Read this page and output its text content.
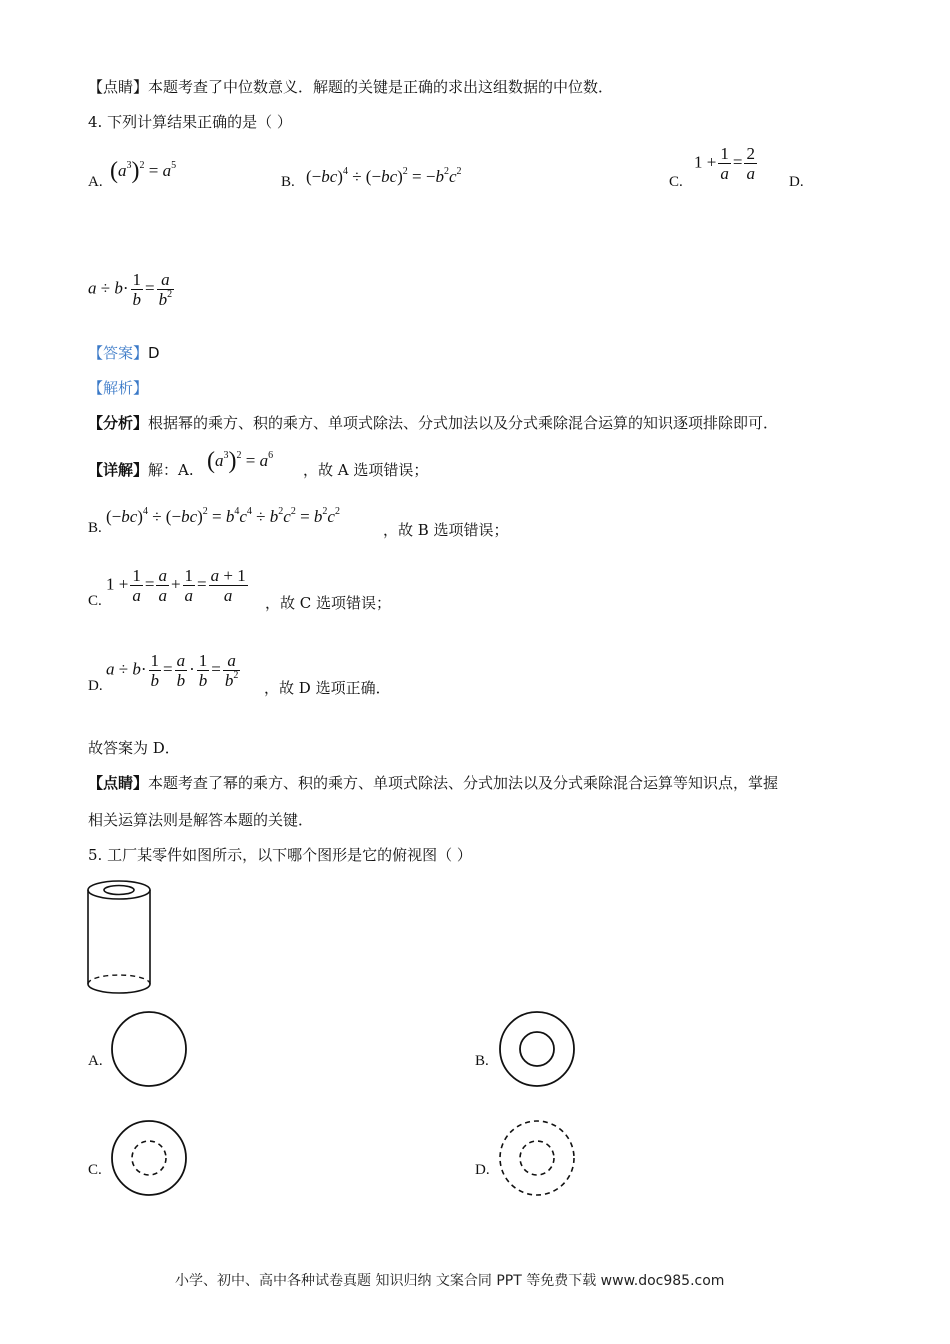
【点睛】本题考查了中位数意义．解题的关键是正确的求出这组数据的中位数．
4. 下列计算结果正确的是（ ）
A. $(a^3)^2 = a^5$
B. $(-bc)^4 \div (-bc)^2 = -b^2c^2$
C.
$1 + \frac{1}{a} = \frac{2}{a} D$.
$a \div b\cdot \frac{1}{b} = \frac{a}{b^2}$
【答案】D
【解析】
【分析】根据幂的乘方、积的乘方、单项式除法、分式加法以及分式乘除混合运算的知识逐项排除即可．
【详解】解：A. $(a^3)^2 = a^6$
，故 A 选项错误；
B.
$(-bc)^4 \div (-bc)^2 = b^4c^4 \div b^2c^2 = b^2c^2$
，故 B 选项错误；
C.
$1 + \frac{1}{a} = \frac{a}{a} + \frac{1}{a} = \frac{a + 1}{a}$ ，故 C 选项错误；
D.
$a \div b\cdot \frac{1}{b} = \frac{a}{b} \cdot \frac{1}{b} = \frac{a}{b^2}$ ，故 D 选项正确．
故答案为 D．
【点睛】本题考查了幂的乘方、积的乘方、单项式除法、分式加法以及分式乘除混合运算等知识点，掌握
相关运算法则是解答本题的关键．
5. 工厂某零件如图所示，以下哪个图形是它的俯视图（ ）
A.	B.
C.	D.
小学、初中、高中各种试卷真题 知识归纳 文案合同 PPT 等免费下载 www.doc985.com
